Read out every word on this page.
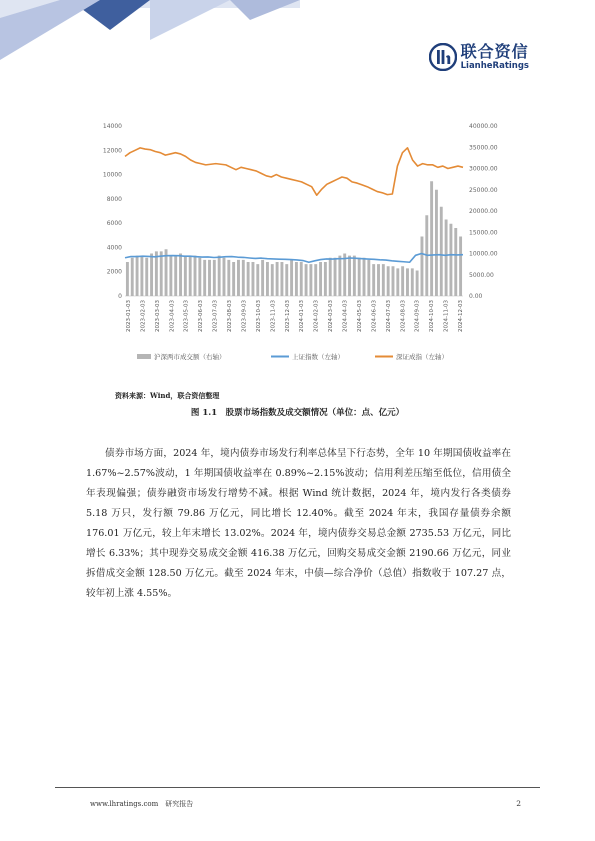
联合资信
LianheRatings
0
2000
4000
6000
8000
10000
12000
14000
0.00
5000.00
10000.00
15000.00
20000.00
25000.00
30000.00
35000.00
40000.00
2023-01-03 2023-02-03 2023-03-03 2023-04-03 2023-05-03 2023-06-03 2023-07-03 2023-08-03 2023-09-03 2023-10-03 2023-11-03 2023-12-03 2024-01-03 2024-02-03 2024-03-03 2024-04-03 2024-05-03 2024-06-03 2024-07-03 2024-08-03 2024-09-03 2024-10-03 2024-11-03 2024-12-03
沪深两市成交额（右轴）	上证指数（左轴）	深证成指（左轴）
资料来源：Wind，联合资信整理
图 1.1　股票市场指数及成交额情况（单位：点、亿元）

债券市场方面，2024 年，境内债券市场发行利率总体呈下行态势，全年 10 年期国债收益率在 1.67%~2.57%波动，1 年期国债收益率在 0.89%~2.15%波动；信用利差压缩至低位，信用债全年表现偏强；债券融资市场发行增势不减。根据 Wind 统计数据，2024 年，境内发行各类债券 5.18 万只，发行额 79.86 万亿元，同比增长 12.40%。截至 2024 年末，我国存量债券余额 176.01 万亿元，较上年末增长 13.02%。2024 年，境内债券交易总金额 2735.53 万亿元，同比增长 6.33%；其中现券交易成交金额 416.38 万亿元，回购交易成交金额 2190.66 万亿元，同业拆借成交金额 128.50 万亿元。截至 2024 年末，中债—综合净价（总值）指数收于 107.27 点，较年初上涨 4.55%。

www.lhratings.com　研究报告	2
